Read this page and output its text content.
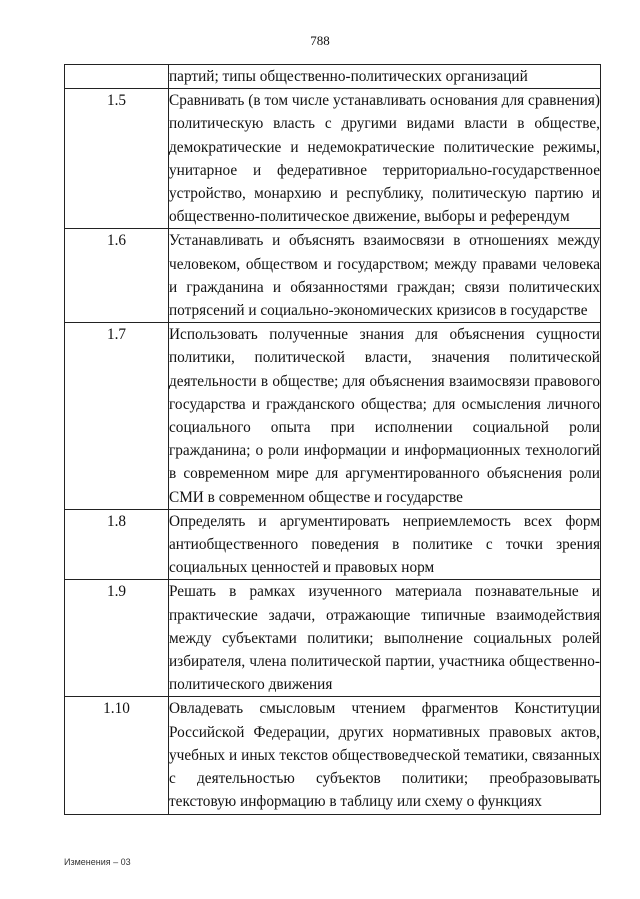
788
	партий; типы общественно-политических организаций
1.5	Сравнивать (в том числе устанавливать основания для сравнения) политическую власть с другими видами власти в обществе, демократические и недемократические политические режимы, унитарное и федеративное территориально-государственное устройство, монархию и республику, политическую партию и общественно-политическое движение, выборы и референдум
1.6	Устанавливать и объяснять взаимосвязи в отношениях между человеком, обществом и государством; между правами человека и гражданина и обязанностями граждан; связи политических потрясений и социально-экономических кризисов в государстве
1.7	Использовать полученные знания для объяснения сущности политики, политической власти, значения политической деятельности в обществе; для объяснения взаимосвязи правового государства и гражданского общества; для осмысления личного социального опыта при исполнении социальной роли гражданина; о роли информации и информационных технологий в современном мире для аргументированного объяснения роли СМИ в современном обществе и государстве
1.8	Определять и аргументировать неприемлемость всех форм антиобщественного поведения в политике с точки зрения социальных ценностей и правовых норм
1.9	Решать в рамках изученного материала познавательные и практические задачи, отражающие типичные взаимодействия между субъектами политики; выполнение социальных ролей избирателя, члена политической партии, участника общественно-политического движения
1.10	Овладевать смысловым чтением фрагментов Конституции Российской Федерации, других нормативных правовых актов, учебных и иных текстов обществоведческой тематики, связанных с деятельностью субъектов политики; преобразовывать текстовую информацию в таблицу или схему о функциях
Изменения – 03
